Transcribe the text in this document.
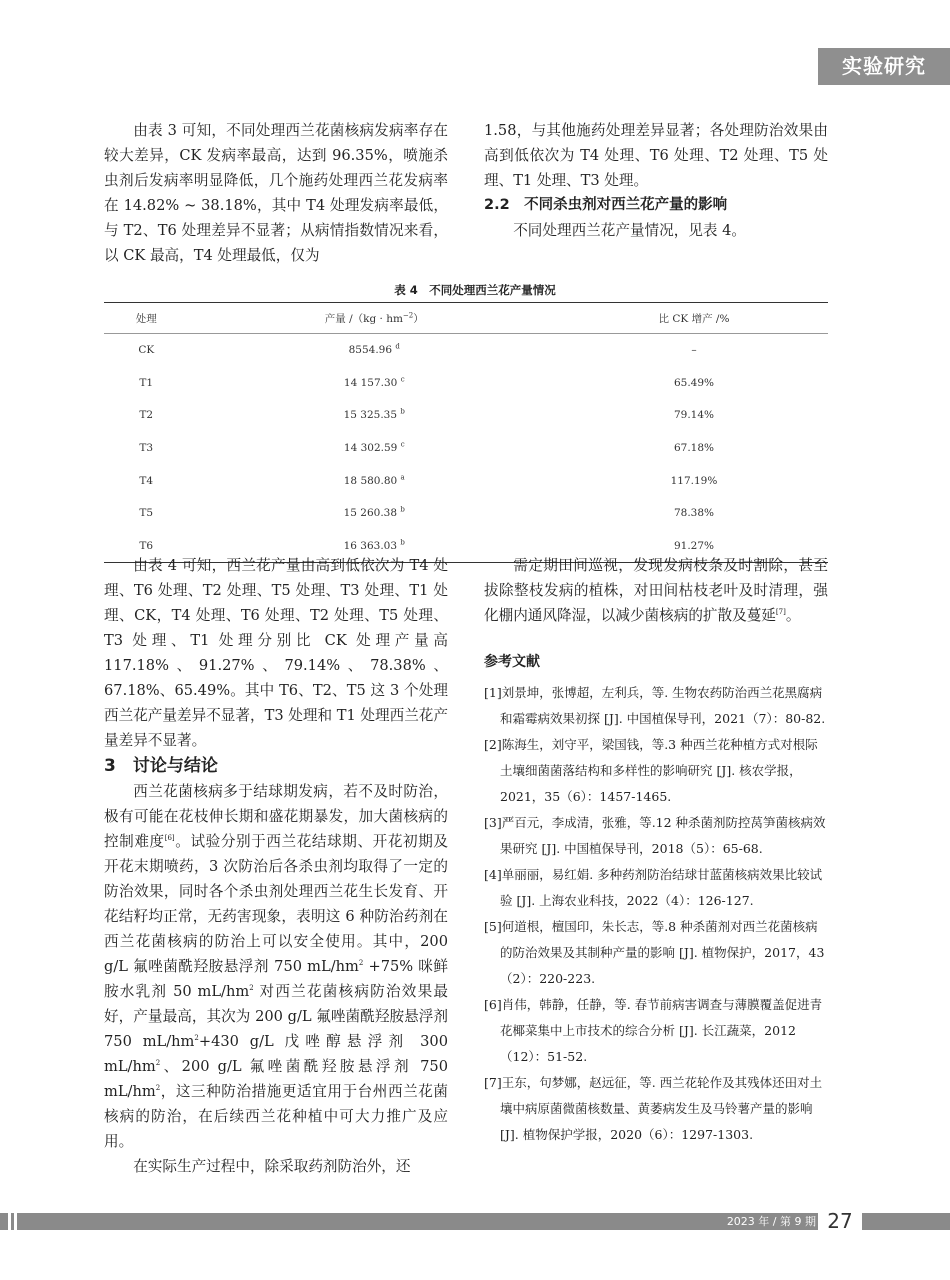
实验研究

由表 3 可知，不同处理西兰花菌核病发病率存在较大差异，CK 发病率最高，达到 96.35%，喷施杀虫剂后发病率明显降低，几个施药处理西兰花发病率在 14.82% ~ 38.18%，其中 T4 处理发病率最低，与 T2、T6 处理差异不显著；从病情指数情况来看，以 CK 最高，T4 处理最低，仅为

1.58，与其他施药处理差异显著；各处理防治效果由高到低依次为 T4 处理、T6 处理、T2 处理、T5 处理、T1 处理、T3 处理。

2.2　不同杀虫剂对西兰花产量的影响

不同处理西兰花产量情况，见表 4。

表 4　不同处理西兰花产量情况
处理	产量 $/(kg \cdot hm^{-2})$	比 CK 增产 /%
CK	8554.96 $^d$	–
T1	14 157.30 $^c$	65.49%
T2	15 325.35 $^b$	79.14%
T3	14 302.59 $^c$	67.18%
T4	18 580.80 $^a$	117.19%
T5	15 260.38 $^b$	78.38%
T6	16 363.03 $^b$	91.27%

由表 4 可知，西兰花产量由高到低依次为 T4 处理、T6 处理、T2 处理、T5 处理、T3 处理、T1 处理、CK，T4 处理、T6 处理、T2 处理、T5 处理、T3 处理、T1 处理分别比 CK 处理产量高 117.18%、91.27%、79.14%、78.38%、67.18%、65.49%。其中 T6、T2、T5 这 3 个处理西兰花产量差异不显著，T3 处理和 T1 处理西兰花产量差异不显著。

3　讨论与结论

西兰花菌核病多于结球期发病，若不及时防治，极有可能在花枝伸长期和盛花期暴发，加大菌核病的控制难度[6]。试验分别于西兰花结球期、开花初期及开花末期喷药，3 次防治后各杀虫剂均取得了一定的防治效果，同时各个杀虫剂处理西兰花生长发育、开花结籽均正常，无药害现象，表明这 6 种防治药剂在西兰花菌核病的防治上可以安全使用。其中，200 g/L 氟唑菌酰羟胺悬浮剂 750 $mL/hm^2 +75\%$ 咪鲜胺水乳剂 50 $mL/hm^2$ 对西兰花菌核病防治效果最好，产量最高，其次为 200 g/L 氟唑菌酰羟胺悬浮剂 750 $mL/hm^2+430$ g/L 戊唑醇悬浮剂 300 $mL/hm^2$、200 g/L 氟唑菌酰羟胺悬浮剂 750 $mL/hm^2$，这三种防治措施更适宜用于台州西兰花菌核病的防治，在后续西兰花种植中可大力推广及应用。

在实际生产过程中，除采取药剂防治外，还

需定期田间巡视，发现发病枝条及时割除，甚至拔除整枝发病的植株，对田间枯枝老叶及时清理，强化棚内通风降湿，以减少菌核病的扩散及蔓延[7]。

参考文献
[1]刘景坤，张博超，左利兵，等. 生物农药防治西兰花黑腐病和霜霉病效果初探 [J]. 中国植保导刊，2021（7）：80-82.
[2]陈海生，刘守平，梁国钱，等.3 种西兰花种植方式对根际土壤细菌菌落结构和多样性的影响研究 [J]. 核农学报，2021，35（6）：1457-1465.
[3]严百元，李成清，张雅，等.12 种杀菌剂防控莴笋菌核病效果研究 [J]. 中国植保导刊，2018（5）：65-68.
[4]单丽丽，易红娟. 多种药剂防治结球甘蓝菌核病效果比较试验 [J]. 上海农业科技，2022（4）：126-127.
[5]何道根，檀国印，朱长志，等.8 种杀菌剂对西兰花菌核病的防治效果及其制种产量的影响 [J]. 植物保护，2017，43（2）：220-223.
[6]肖伟，韩静，任静，等. 春节前病害调查与薄膜覆盖促进青花椰菜集中上市技术的综合分析 [J]. 长江蔬菜，2012（12）：51-52.
[7]王东，句梦娜，赵远征，等. 西兰花轮作及其残体还田对土壤中病原菌微菌核数量、黄萎病发生及马铃薯产量的影响 [J]. 植物保护学报，2020（6）：1297-1303.
2023 年 / 第 9 期 27
